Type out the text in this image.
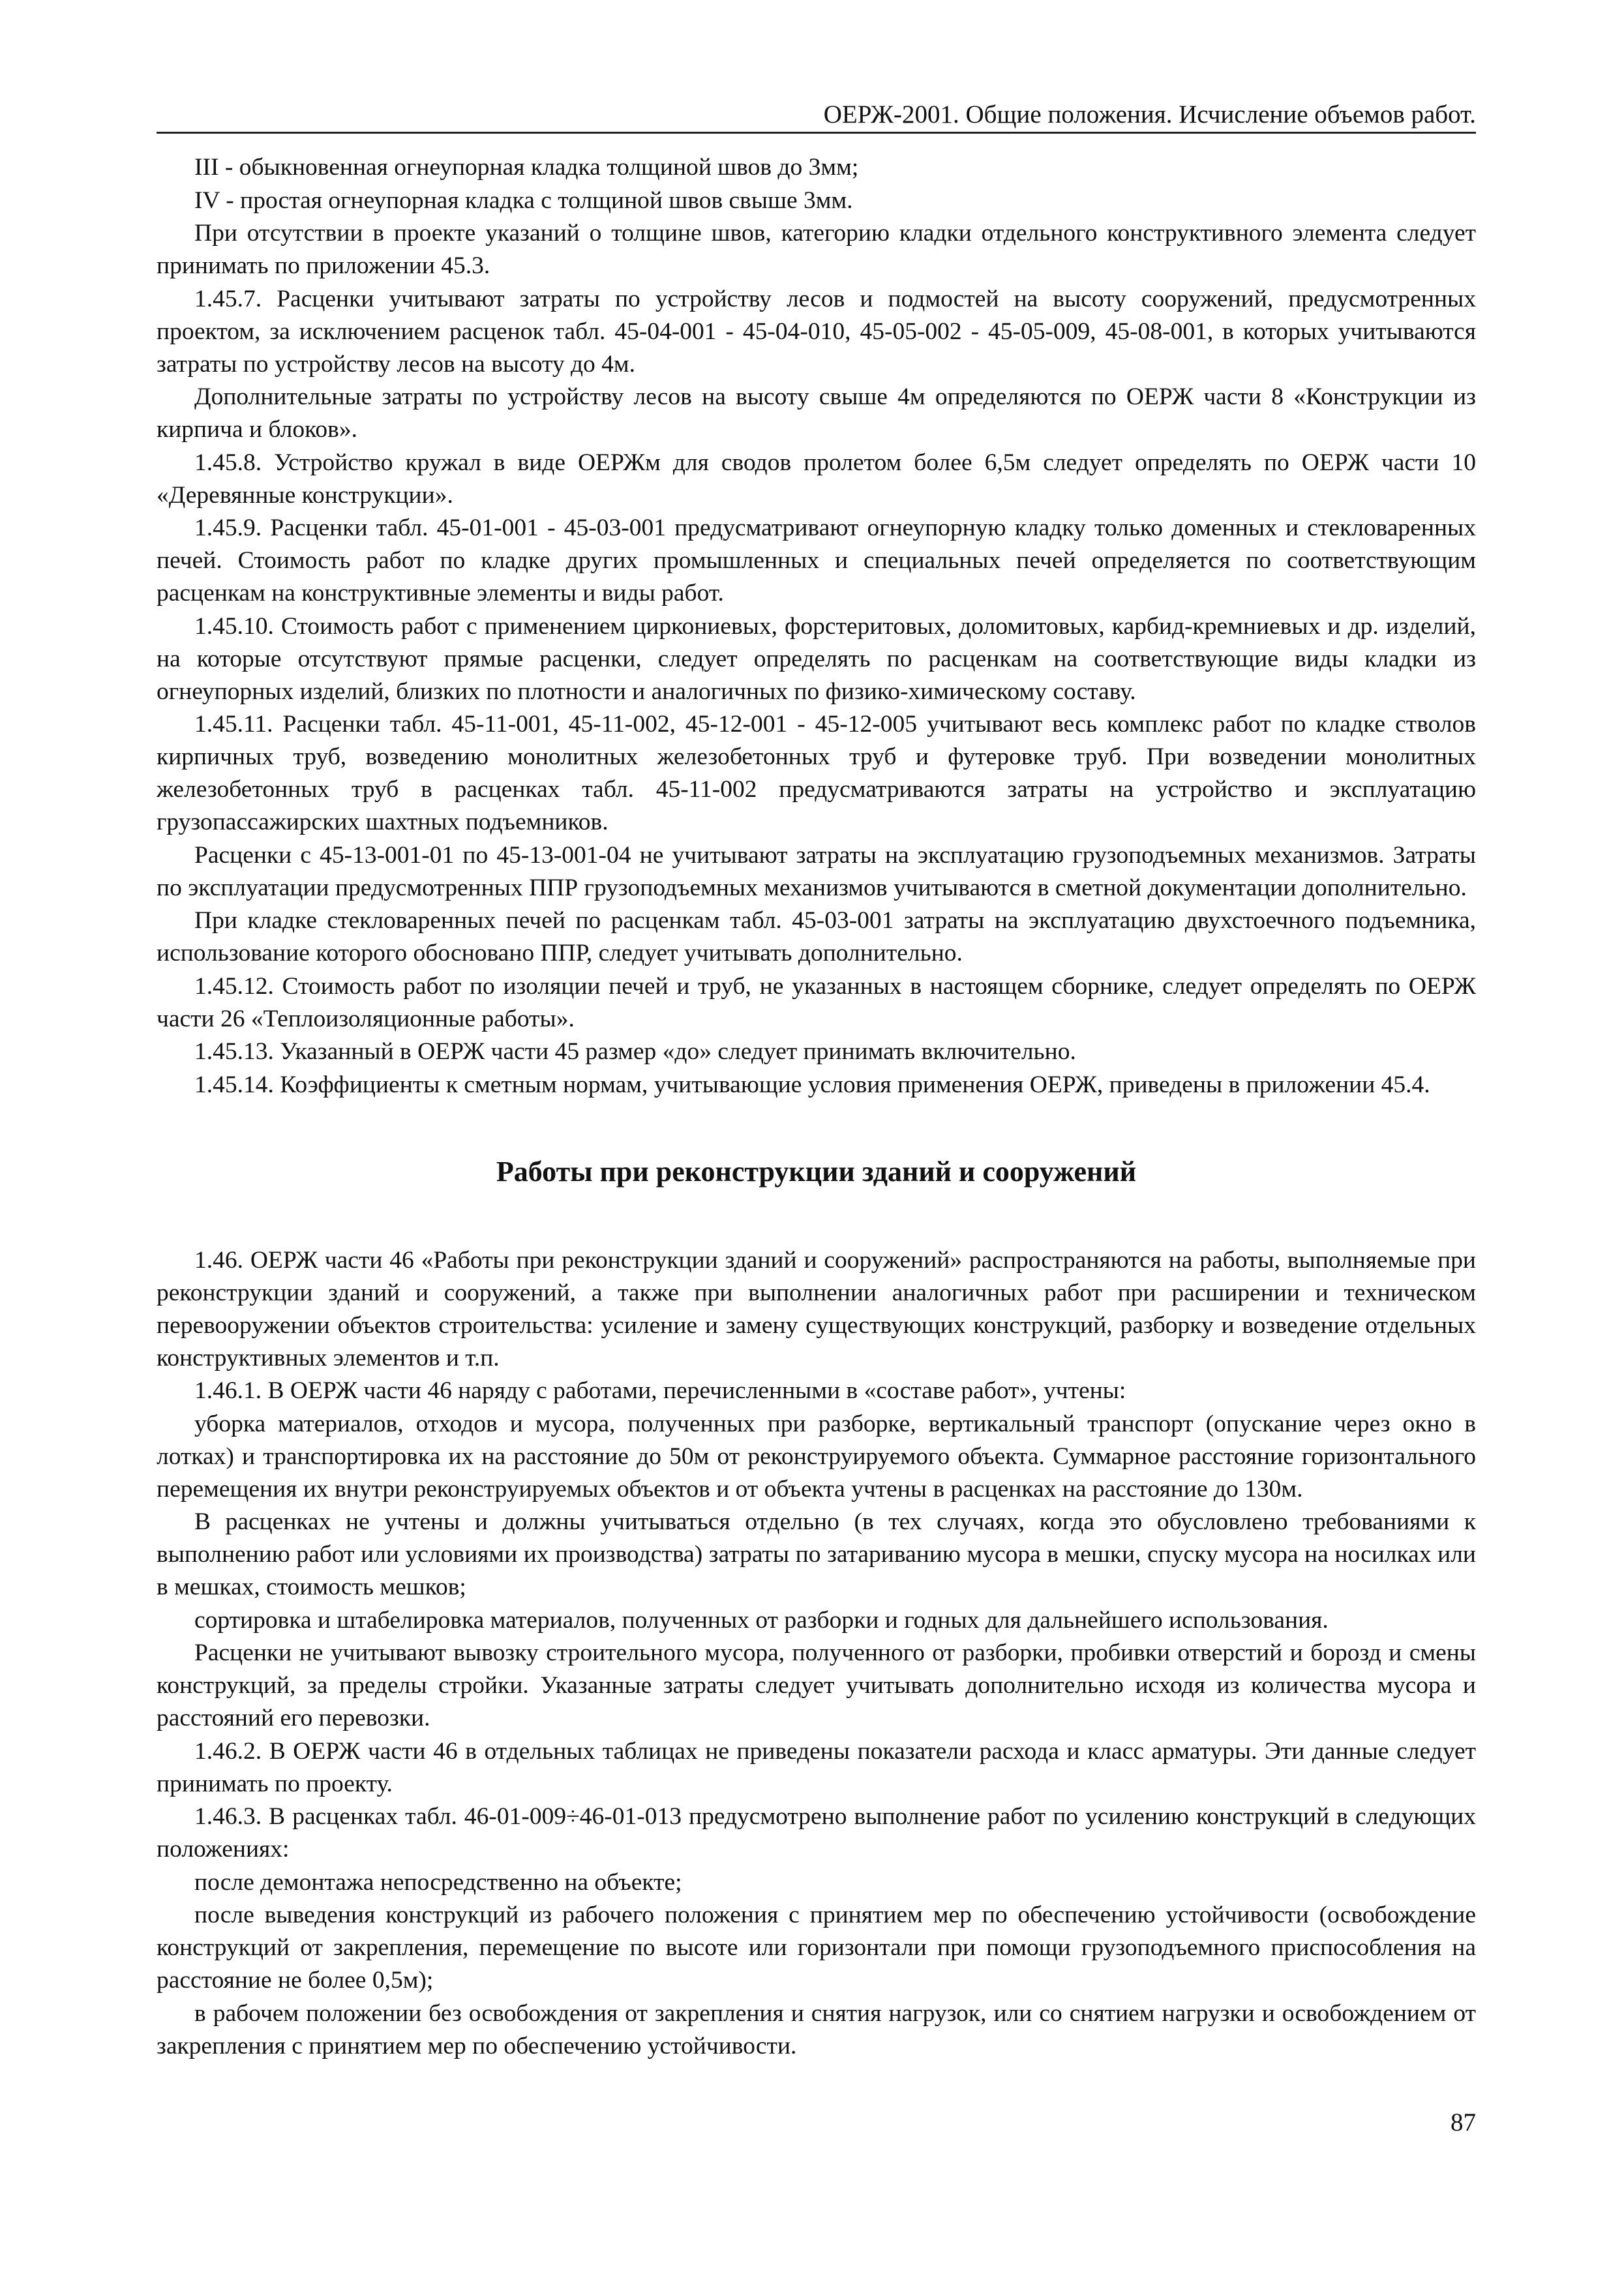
ОЕРЖ-2001. Общие положения. Исчисление объемов работ.

III - обыкновенная огнеупорная кладка толщиной швов до 3мм;

IV - простая огнеупорная кладка с толщиной швов свыше 3мм.

При отсутствии в проекте указаний о толщине швов, категорию кладки отдельного конструктивного элемента следует принимать по приложении 45.3.

1.45.7. Расценки учитывают затраты по устройству лесов и подмостей на высоту сооружений, предусмотренных проектом, за исключением расценок табл. 45-04-001 - 45-04-010, 45-05-002 - 45-05-009, 45-08-001, в которых учитываются затраты по устройству лесов на высоту до 4м.

Дополнительные затраты по устройству лесов на высоту свыше 4м определяются по ОЕРЖ части 8 «Конструкции из кирпича и блоков».

1.45.8. Устройство кружал в виде ОЕРЖм для сводов пролетом более 6,5м следует определять по ОЕРЖ части 10 «Деревянные конструкции».

1.45.9. Расценки табл. 45-01-001 - 45-03-001 предусматривают огнеупорную кладку только доменных и стекловаренных печей. Стоимость работ по кладке других промышленных и специальных печей определяется по соответствующим расценкам на конструктивные элементы и виды работ.

1.45.10. Стоимость работ с применением циркониевых, форстеритовых, доломитовых, карбид-кремниевых и др. изделий, на которые отсутствуют прямые расценки, следует определять по расценкам на соответствующие виды кладки из огнеупорных изделий, близких по плотности и аналогичных по физико-химическому составу.

1.45.11. Расценки табл. 45-11-001, 45-11-002, 45-12-001 - 45-12-005 учитывают весь комплекс работ по кладке стволов кирпичных труб, возведению монолитных железобетонных труб и футеровке труб. При возведении монолитных железобетонных труб в расценках табл. 45-11-002 предусматриваются затраты на устройство и эксплуатацию грузопассажирских шахтных подъемников.

Расценки с 45-13-001-01 по 45-13-001-04 не учитывают затраты на эксплуатацию грузоподъемных механизмов. Затраты по эксплуатации предусмотренных ППР грузоподъемных механизмов учитываются в сметной документации дополнительно.

При кладке стекловаренных печей по расценкам табл. 45-03-001 затраты на эксплуатацию двухстоечного подъемника, использование которого обосновано ППР, следует учитывать дополнительно.

1.45.12. Стоимость работ по изоляции печей и труб, не указанных в настоящем сборнике, следует определять по ОЕРЖ части 26 «Теплоизоляционные работы».

1.45.13. Указанный в ОЕРЖ части 45 размер «до» следует принимать включительно.

1.45.14. Коэффициенты к сметным нормам, учитывающие условия применения ОЕРЖ, приведены в приложении 45.4.

Работы при реконструкции зданий и сооружений

1.46. ОЕРЖ части 46 «Работы при реконструкции зданий и сооружений» распространяются на работы, выполняемые при реконструкции зданий и сооружений, а также при выполнении аналогичных работ при расширении и техническом перевооружении объектов строительства: усиление и замену существующих конструкций, разборку и возведение отдельных конструктивных элементов и т.п.

1.46.1. В ОЕРЖ части 46 наряду с работами, перечисленными в «составе работ», учтены:

уборка материалов, отходов и мусора, полученных при разборке, вертикальный транспорт (опускание через окно в лотках) и транспортировка их на расстояние до 50м от реконструируемого объекта. Суммарное расстояние горизонтального перемещения их внутри реконструируемых объектов и от объекта учтены в расценках на расстояние до 130м.

В расценках не учтены и должны учитываться отдельно (в тех случаях, когда это обусловлено требованиями к выполнению работ или условиями их производства) затраты по затариванию мусора в мешки, спуску мусора на носилках или в мешках, стоимость мешков;

сортировка и штабелировка материалов, полученных от разборки и годных для дальнейшего использования.

Расценки не учитывают вывозку строительного мусора, полученного от разборки, пробивки отверстий и борозд и смены конструкций, за пределы стройки. Указанные затраты следует учитывать дополнительно исходя из количества мусора и расстояний его перевозки.

1.46.2. В ОЕРЖ части 46 в отдельных таблицах не приведены показатели расхода и класс арматуры. Эти данные следует принимать по проекту.

1.46.3. В расценках табл. 46-01-009÷46-01-013 предусмотрено выполнение работ по усилению конструкций в следующих положениях:

после демонтажа непосредственно на объекте;

после выведения конструкций из рабочего положения с принятием мер по обеспечению устойчивости (освобождение конструкций от закрепления, перемещение по высоте или горизонтали при помощи грузоподъемного приспособления на расстояние не более 0,5м);

в рабочем положении без освобождения от закрепления и снятия нагрузок, или со снятием нагрузки и освобождением от закрепления с принятием мер по обеспечению устойчивости.

87
